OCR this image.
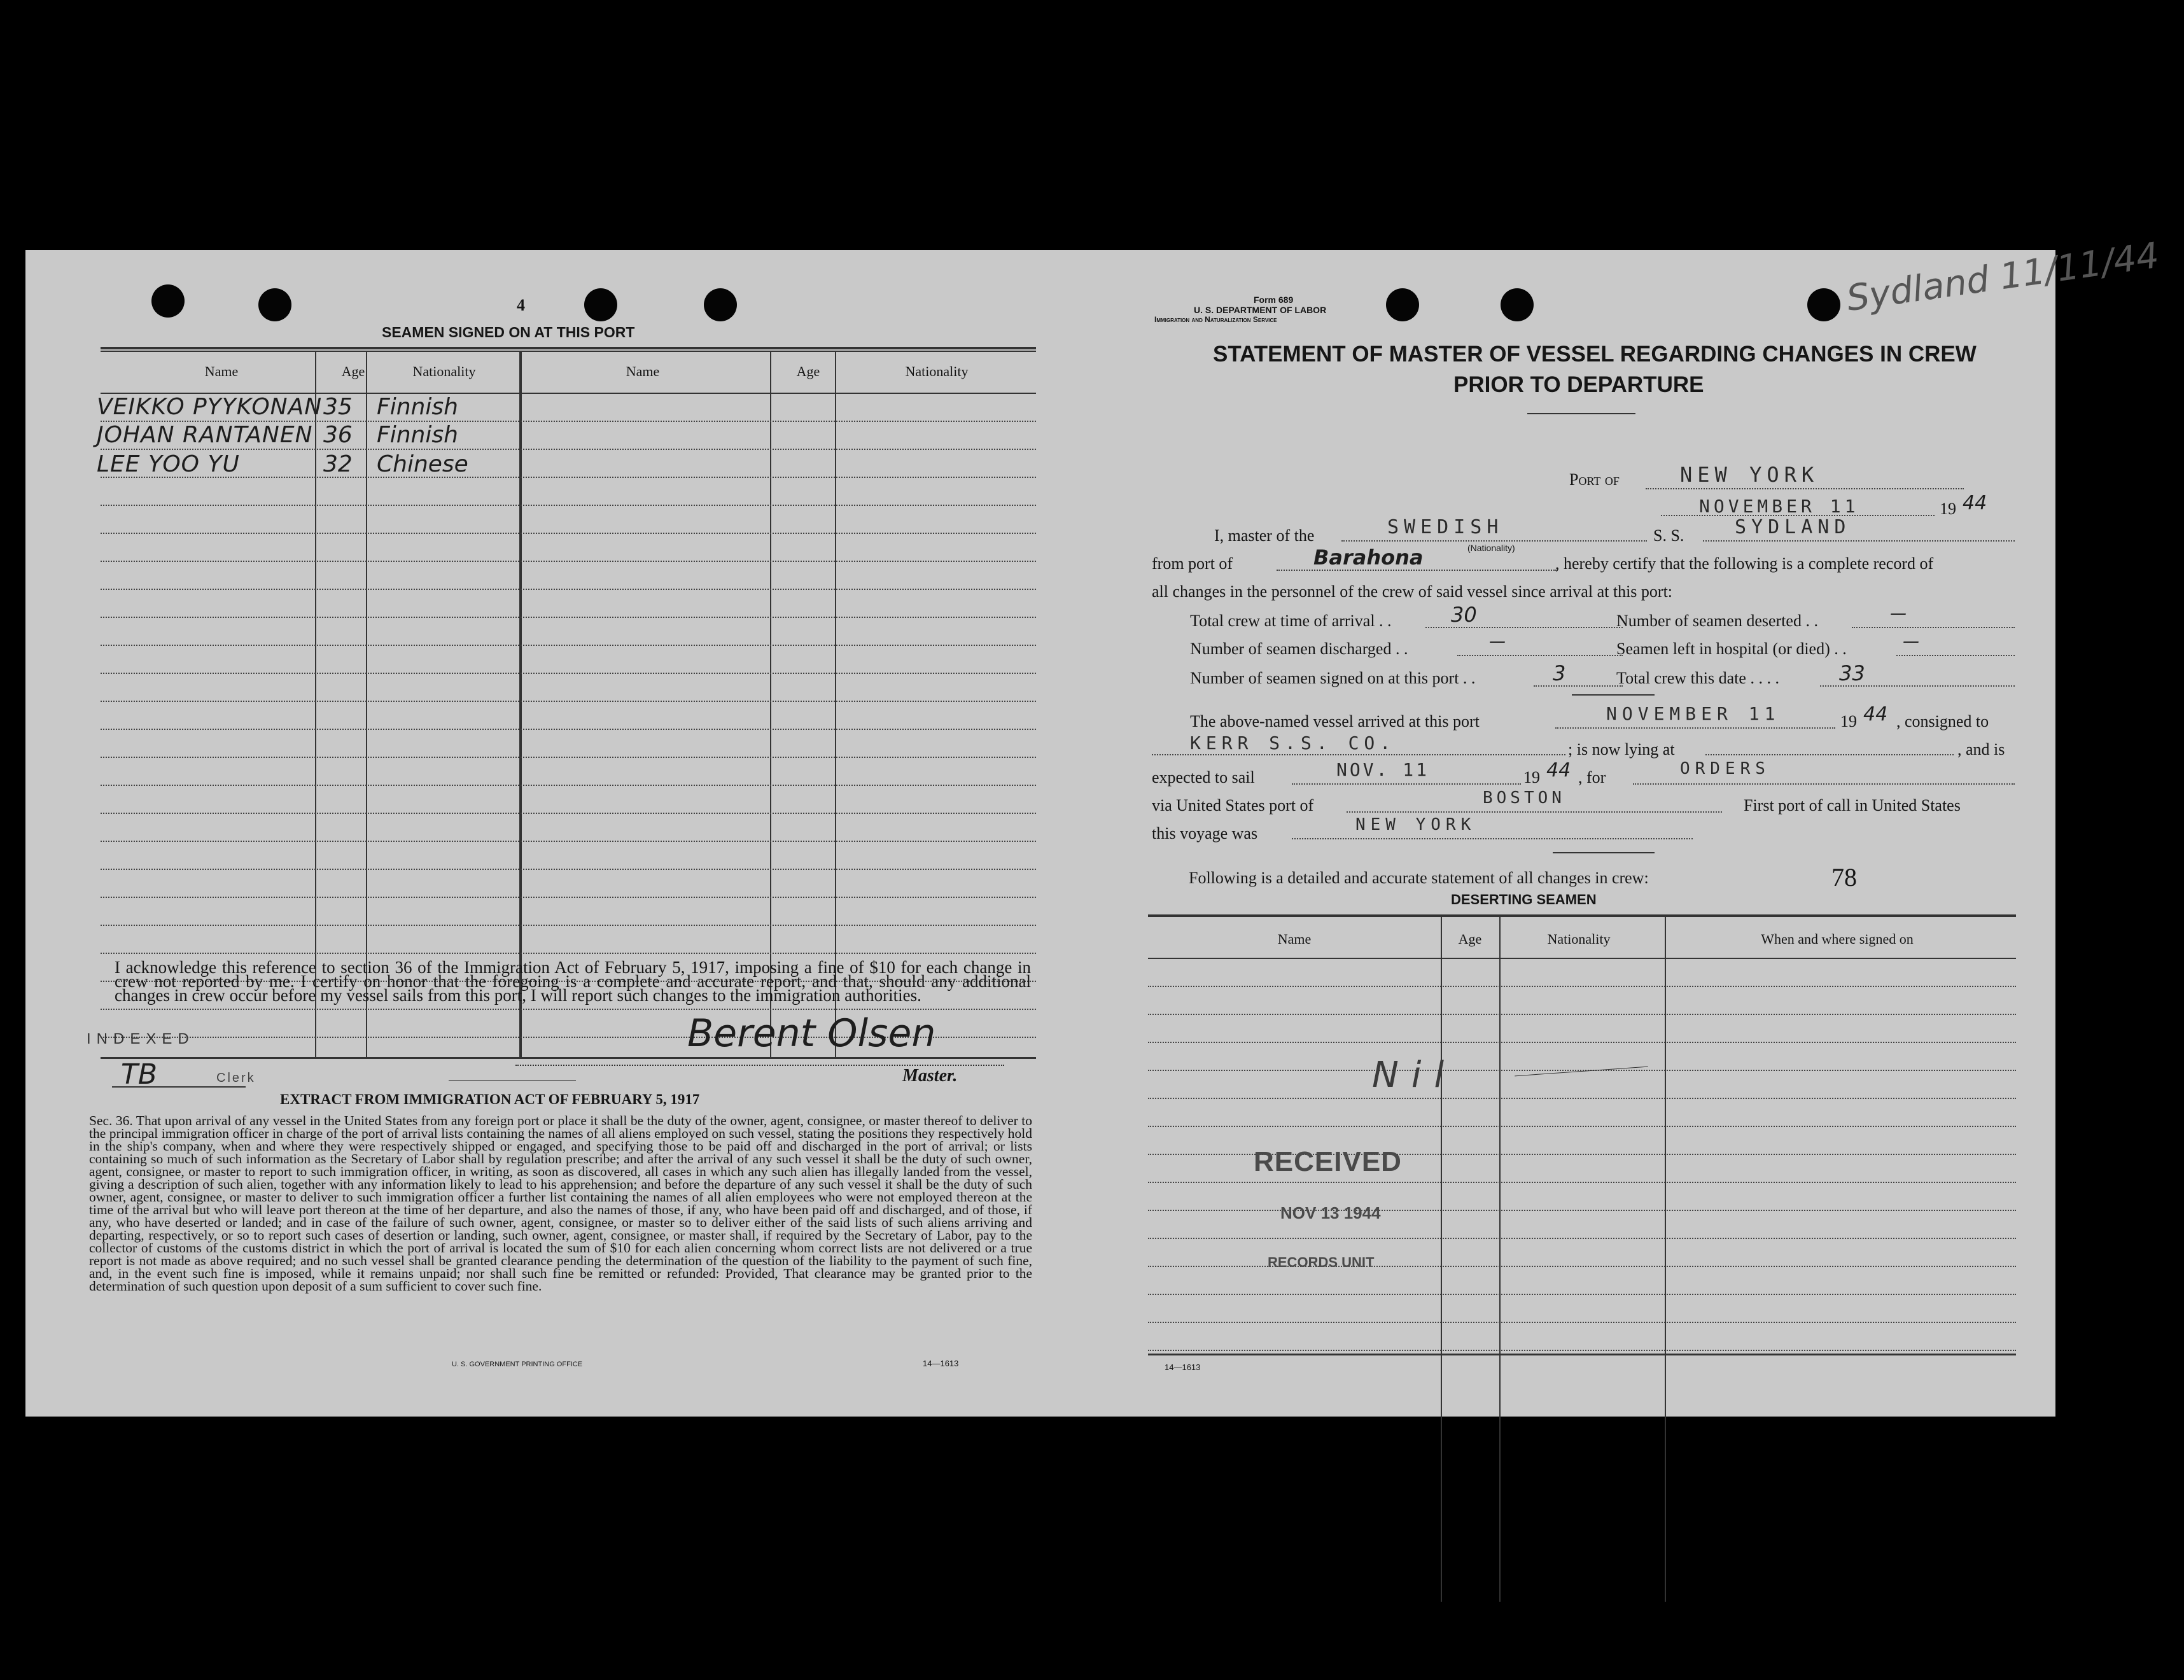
4
SEAMEN SIGNED ON AT THIS PORT
Name	Age	Nationality	Name	Age	Nationality
VEIKKO PYYKONAN 35 Finnish
JOHAN RANTANEN 36 Finnish
LEE YOO YU	32 Chinese
I acknowledge this reference to section 36 of the Immigration Act of February 5, 1917, imposing a fine of $10 for each change in crew not reported by me. I certify on honor that the foregoing is a complete and accurate report, and that, should any additional changes in crew occur before my vessel sails from this port, I will report such changes to the immigration authorities.
INDEXED
TB	Clerk
Berent Olsen
Master.
EXTRACT FROM IMMIGRATION ACT OF FEBRUARY 5, 1917
Sec. 36. That upon arrival of any vessel in the United States from any foreign port or place it shall be the duty of the owner, agent, consignee, or master thereof to deliver to the principal immigration officer in charge of the port of arrival lists containing the names of all aliens employed on such vessel, stating the positions they respectively hold in the ship's company, when and where they were respectively shipped or engaged, and specifying those to be paid off and discharged in the port of arrival; or lists containing so much of such information as the Secretary of Labor shall by regulation prescribe; and after the arrival of any such vessel it shall be the duty of such owner, agent, consignee, or master to report to such immigration officer, in writing, as soon as discovered, all cases in which any such alien has illegally landed from the vessel, giving a description of such alien, together with any information likely to lead to his apprehension; and before the departure of any such vessel it shall be the duty of such owner, agent, consignee, or master to deliver to such immigration officer a further list containing the names of all alien employees who were not employed thereon at the time of the arrival but who will leave port thereon at the time of her departure, and also the names of those, if any, who have been paid off and discharged, and of those, if any, who have deserted or landed; and in case of the failure of such owner, agent, consignee, or master so to deliver either of the said lists of such aliens arriving and departing, respectively, or so to report such cases of desertion or landing, such owner, agent, consignee, or master shall, if required by the Secretary of Labor, pay to the collector of customs of the customs district in which the port of arrival is located the sum of $10 for each alien concerning whom correct lists are not delivered or a true report is not made as above required; and no such vessel shall be granted clearance pending the determination of the question of the liability to the payment of such fine, and, in the event such fine is imposed, while it remains unpaid; nor shall such fine be remitted or refunded: Provided, That clearance may be granted prior to the determination of such question upon deposit of a sum sufficient to cover such fine.
U. S. GOVERNMENT PRINTING OFFICE	14—1613
Sydland 11/11/44
Form 689
U. S. DEPARTMENT OF LABOR
Immigration and Naturalization Service
STATEMENT OF MASTER OF VESSEL REGARDING CHANGES IN CREW
PRIOR TO DEPARTURE
Port of	NEW YORK
NOVEMBER 11	19 44
I, master of the	SWEDISH
(Nationality)
S. S.	SYDLAND
from port of	Barahona	, hereby certify that the following is a complete record of
all changes in the personnel of the crew of said vessel since arrival at this port:
Total crew at time of arrival . .	30	Number of seamen deserted . .	—
Number of seamen discharged . .	—	Seamen left in hospital (or died) . .	—
Number of seamen signed on at this port . .	3	Total crew this date . . . .	33
The above-named vessel arrived at this port	NOVEMBER 11	19 44 , consigned to
KERR S.S. CO.	; is now lying at	, and is
expected to sail	NOV. 11	19 44 , for	ORDERS
via United States port of	BOSTON	First port of call in United States
this voyage was	NEW YORK
Following is a detailed and accurate statement of all changes in crew:	78
DESERTING SEAMEN
Name	Age	Nationality	When and where signed on
Nil
RECEIVED
NOV 13 1944
RECORDS UNIT
14—1613
